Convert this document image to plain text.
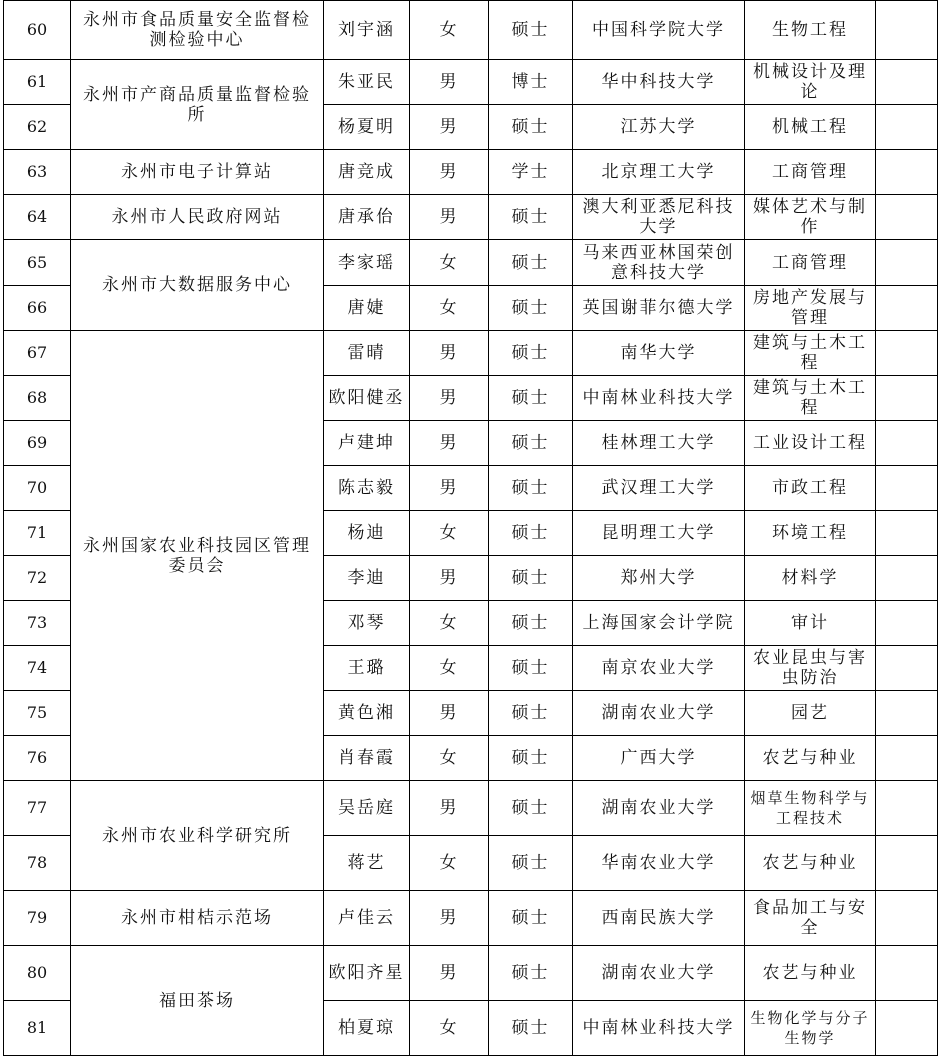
60	永州市食品质量安全监督检测检验中心	刘宇涵	女	硕士	中国科学院大学	生物工程	
61	永州市产商品质量监督检验所	朱亚民	男	博士	华中科技大学	机械设计及理论	
62		杨夏明	男	硕士	江苏大学	机械工程	
63	永州市电子计算站	唐竞成	男	学士	北京理工大学	工商管理	
64	永州市人民政府网站	唐承佁	男	硕士	澳大利亚悉尼科技大学	媒体艺术与制作	
65	永州市大数据服务中心	李家瑶	女	硕士	马来西亚林国荣创意科技大学	工商管理	
66		唐婕	女	硕士	英国谢菲尔德大学	房地产发展与管理	
67	永州国家农业科技园区管理委员会	雷晴	男	硕士	南华大学	建筑与土木工程	
68		欧阳健丞	男	硕士	中南林业科技大学	建筑与土木工程	
69		卢建坤	男	硕士	桂林理工大学	工业设计工程	
70		陈志毅	男	硕士	武汉理工大学	市政工程	
71		杨迪	女	硕士	昆明理工大学	环境工程	
72		李迪	男	硕士	郑州大学	材料学	
73		邓琴	女	硕士	上海国家会计学院	审计	
74		王璐	女	硕士	南京农业大学	农业昆虫与害虫防治	
75		黄色湘	男	硕士	湖南农业大学	园艺	
76		肖春霞	女	硕士	广西大学	农艺与种业	
77	永州市农业科学研究所	吴岳庭	男	硕士	湖南农业大学	烟草生物科学与工程技术	
78		蒋艺	女	硕士	华南农业大学	农艺与种业	
79	永州市柑桔示范场	卢佳云	男	硕士	西南民族大学	食品加工与安全	
80	福田茶场	欧阳齐星	男	硕士	湖南农业大学	农艺与种业	
81		柏夏琼	女	硕士	中南林业科技大学	生物化学与分子生物学	
